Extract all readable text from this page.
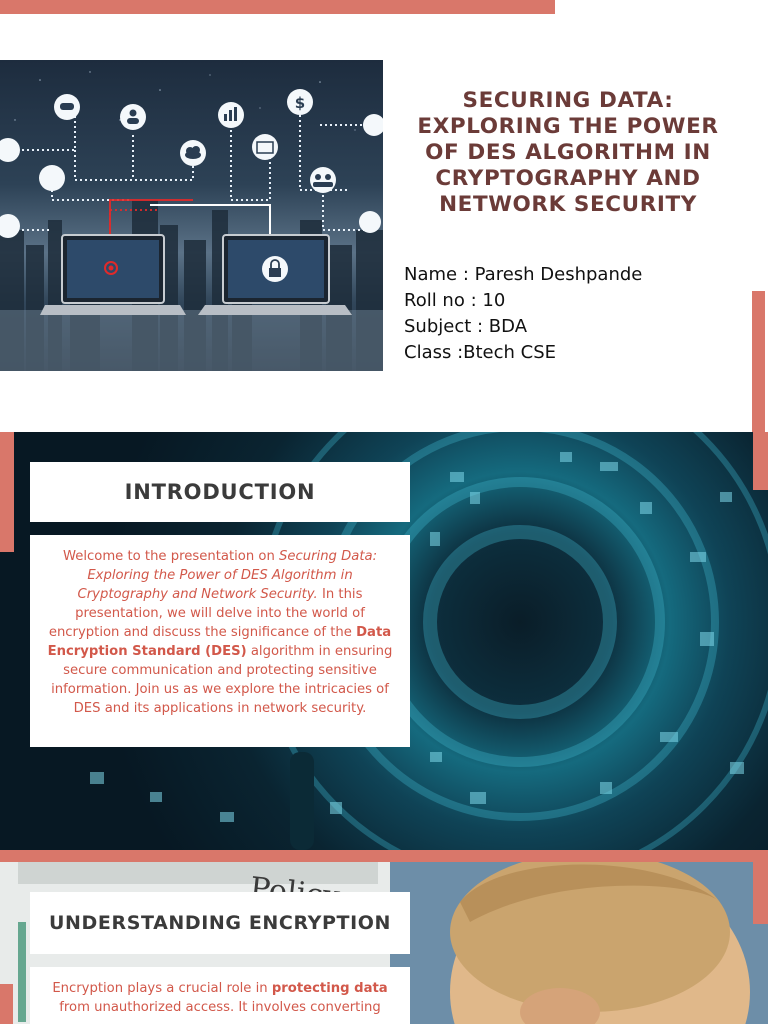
$	SECURING DATA: EXPLORING THE POWER OF DES ALGORITHM IN CRYPTOGRAPHY AND NETWORK SECURITY
Name : Paresh Deshpande
Roll no : 10
Subject : BDA
Class :Btech CSE
INTRODUCTION
Welcome to the presentation on Securing Data: Exploring the Power of DES Algorithm in Cryptography and Network Security. In this presentation, we will delve into the world of encryption and discuss the significance of the Data Encryption Standard (DES) algorithm in ensuring secure communication and protecting sensitive information. Join us as we explore the intricacies of DES and its applications in network security.
UNDERSTANDING ENCRYPTION
Encryption plays a crucial role in protecting data from unauthorized access. It involves converting
